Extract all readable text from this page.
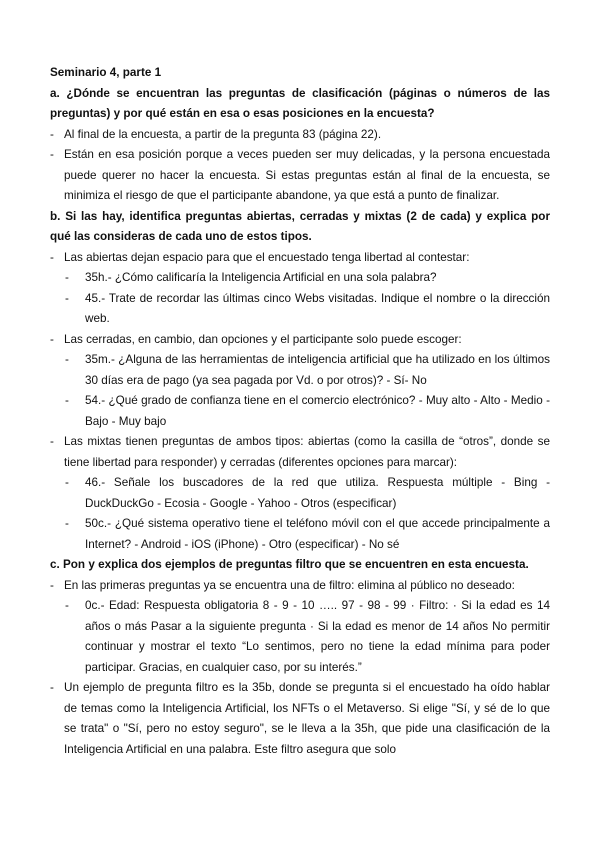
Seminario 4, parte 1

a. ¿Dónde se encuentran las preguntas de clasificación (páginas o números de las preguntas) y por qué están en esa o esas posiciones en la encuesta?

- Al final de la encuesta, a partir de la pregunta 83 (página 22).

- Están en esa posición porque a veces pueden ser muy delicadas, y la persona encuestada puede querer no hacer la encuesta. Si estas preguntas están al final de la encuesta, se minimiza el riesgo de que el participante abandone, ya que está a punto de finalizar.

b. Si las hay, identifica preguntas abiertas, cerradas y mixtas (2 de cada) y explica por qué las consideras de cada uno de estos tipos.

- Las abiertas dejan espacio para que el encuestado tenga libertad al contestar:

- 35h.- ¿Cómo calificaría la Inteligencia Artificial en una sola palabra?

- 45.- Trate de recordar las últimas cinco Webs visitadas. Indique el nombre o la dirección web.

- Las cerradas, en cambio, dan opciones y el participante solo puede escoger:

- 35m.- ¿Alguna de las herramientas de inteligencia artificial que ha utilizado en los últimos 30 días era de pago (ya sea pagada por Vd. o por otros)? - Sí- No

- 54.- ¿Qué grado de confianza tiene en el comercio electrónico? - Muy alto - Alto - Medio - Bajo - Muy bajo

- Las mixtas tienen preguntas de ambos tipos: abiertas (como la casilla de “otros”, donde se tiene libertad para responder) y cerradas (diferentes opciones para marcar):

- 46.- Señale los buscadores de la red que utiliza. Respuesta múltiple - Bing - DuckDuckGo - Ecosia - Google - Yahoo - Otros (especificar)

- 50c.- ¿Qué sistema operativo tiene el teléfono móvil con el que accede principalmente a Internet? - Android - iOS (iPhone) - Otro (especificar) - No sé

c. Pon y explica dos ejemplos de preguntas filtro que se encuentren en esta encuesta.

- En las primeras preguntas ya se encuentra una de filtro: elimina al público no deseado:

- 0c.- Edad: Respuesta obligatoria 8 - 9 - 10 ….. 97 - 98 - 99 · Filtro: · Si la edad es 14 años o más Pasar a la siguiente pregunta · Si la edad es menor de 14 años No permitir continuar y mostrar el texto “Lo sentimos, pero no tiene la edad mínima para poder participar. Gracias, en cualquier caso, por su interés.”

- Un ejemplo de pregunta filtro es la 35b, donde se pregunta si el encuestado ha oído hablar de temas como la Inteligencia Artificial, los NFTs o el Metaverso. Si elige "Sí, y sé de lo que se trata" o "Sí, pero no estoy seguro", se le lleva a la 35h, que pide una clasificación de la Inteligencia Artificial en una palabra. Este filtro asegura que solo
